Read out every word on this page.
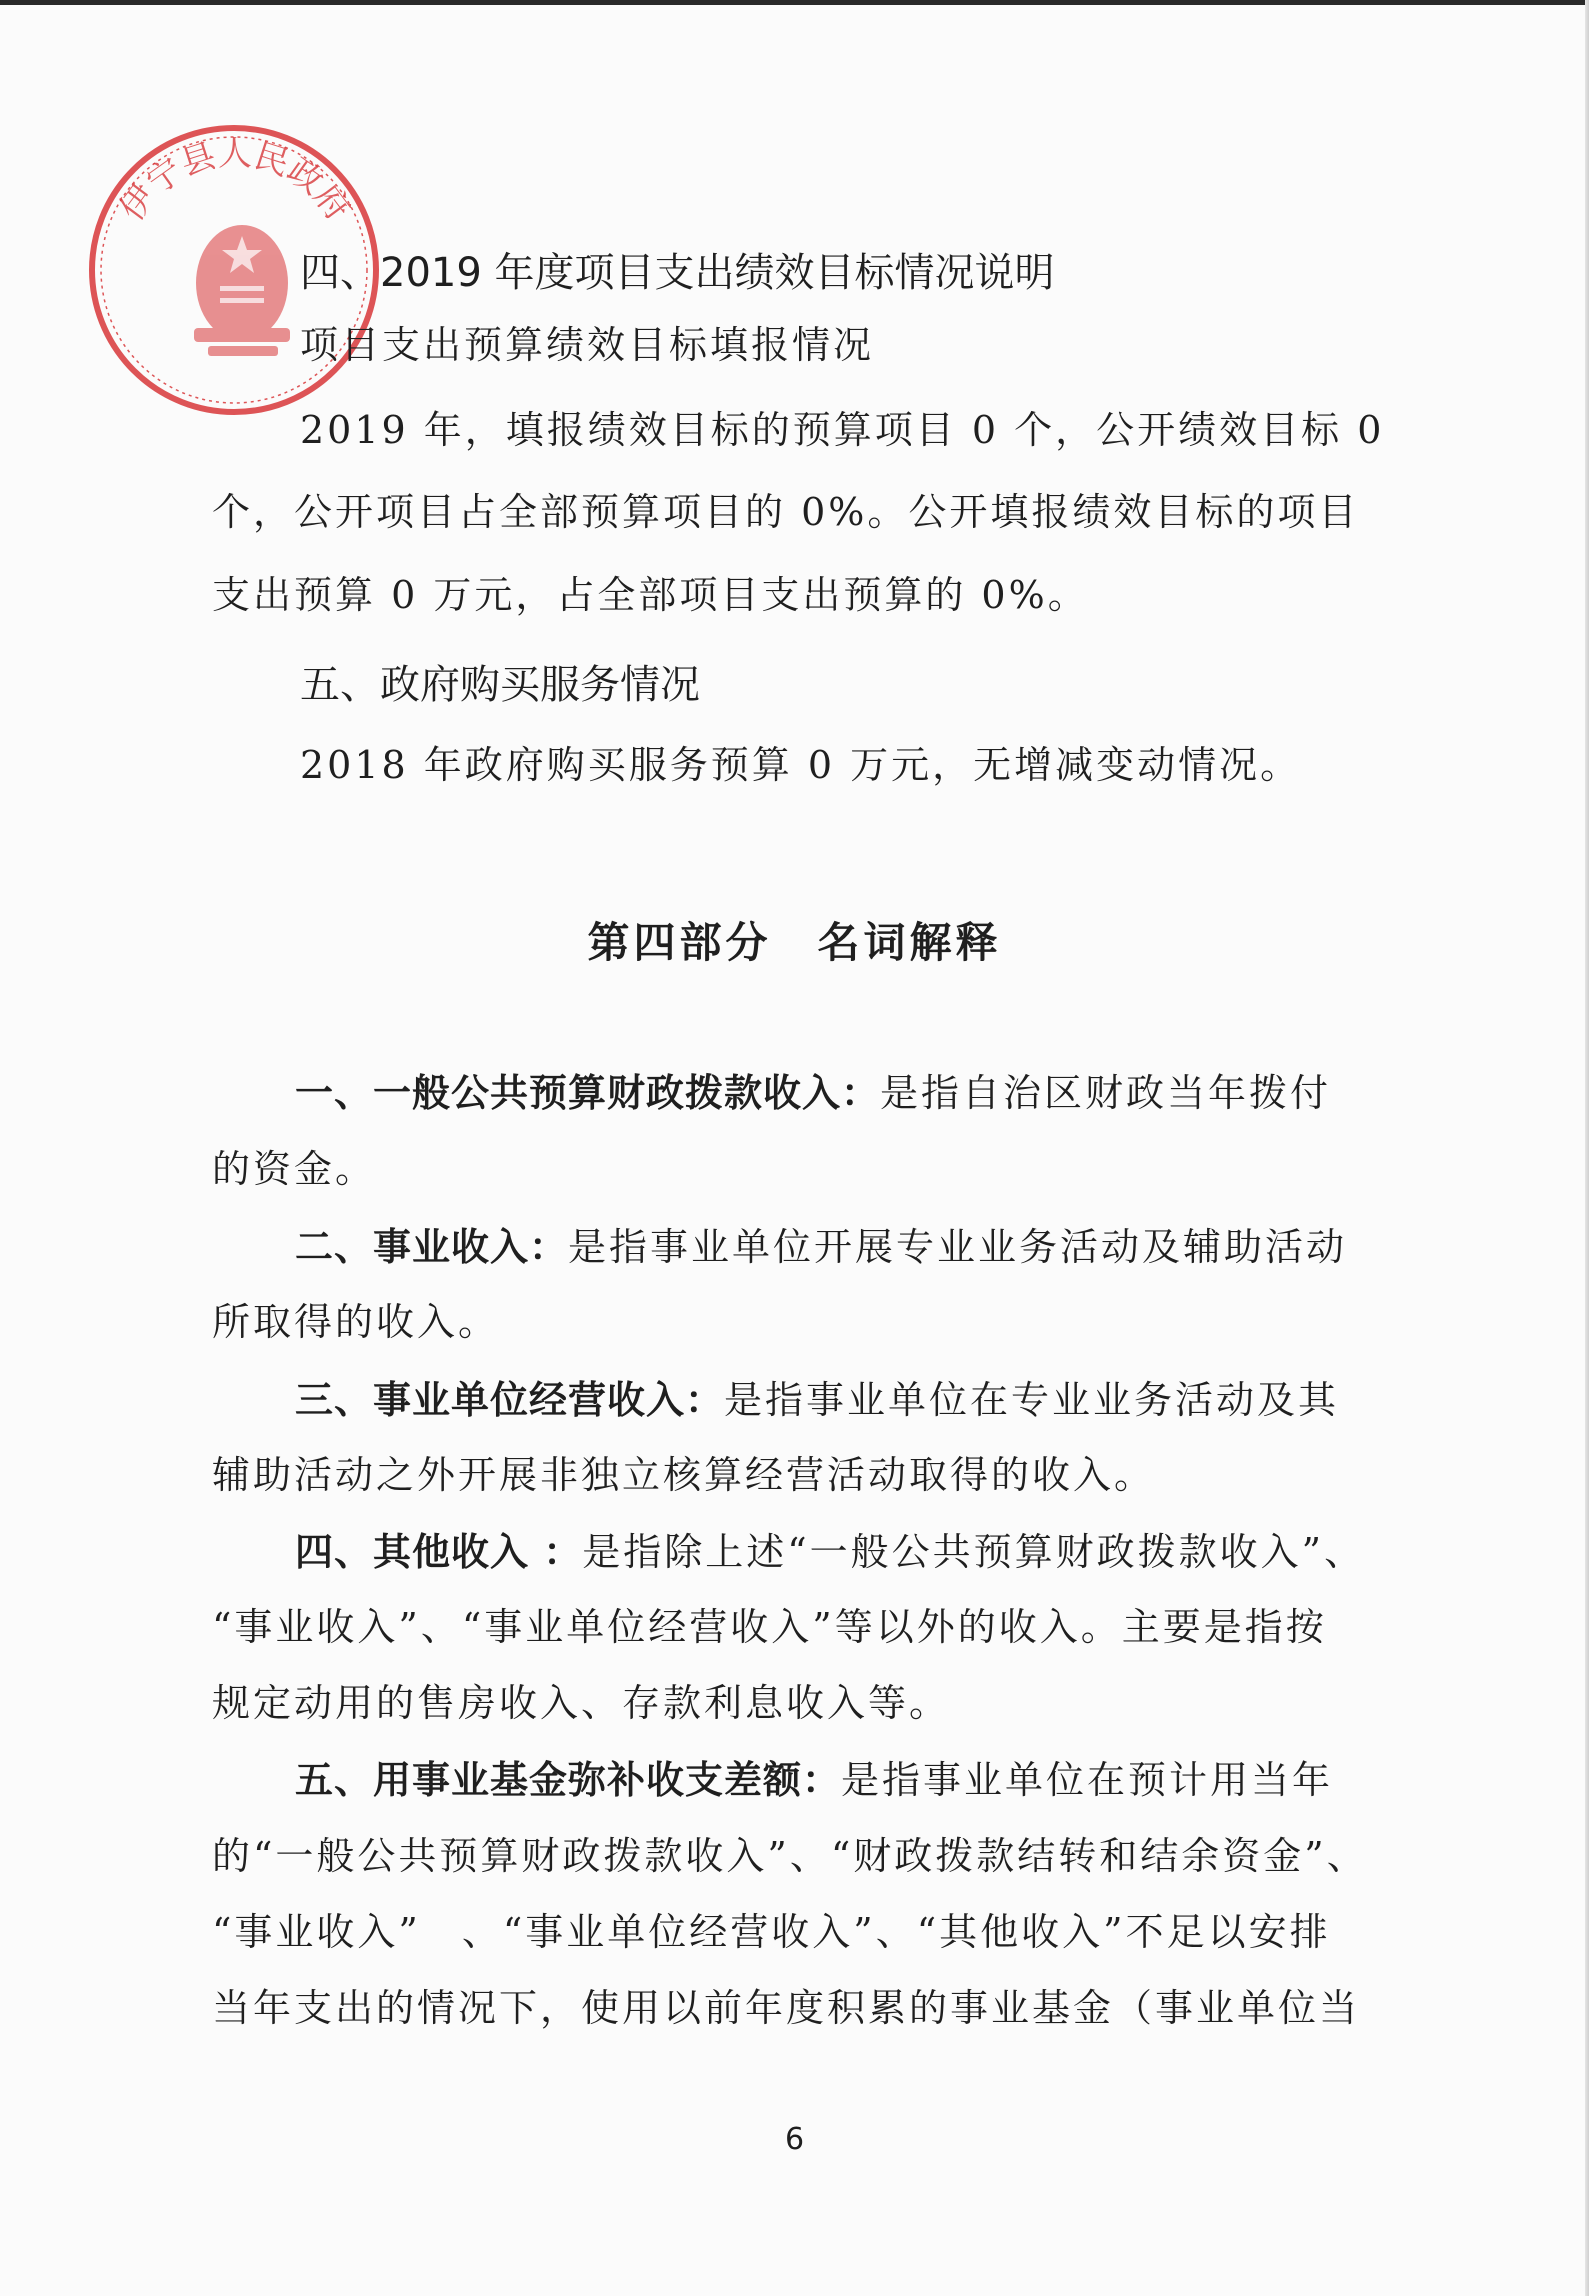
伊宁县人民政府
四、2019 年度项目支出绩效目标情况说明
项目支出预算绩效目标填报情况
2019 年，填报绩效目标的预算项目 0 个，公开绩效目标 0
个，公开项目占全部预算项目的 0%。公开填报绩效目标的项目
支出预算 0 万元，占全部项目支出预算的 0%。
五、政府购买服务情况
2018 年政府购买服务预算 0 万元，无增减变动情况。
第四部分　名词解释
一、一般公共预算财政拨款收入：是指自治区财政当年拨付
的资金。
二、事业收入：是指事业单位开展专业业务活动及辅助活动
所取得的收入。
三、事业单位经营收入：是指事业单位在专业业务活动及其
辅助活动之外开展非独立核算经营活动取得的收入。
四、其他收入 ：是指除上述“一般公共预算财政拨款收入”、
“事业收入”、“事业单位经营收入”等以外的收入。主要是指按
规定动用的售房收入、存款利息收入等。
五、用事业基金弥补收支差额：是指事业单位在预计用当年
的“一般公共预算财政拨款收入”、“财政拨款结转和结余资金”、
“事业收入”　、“事业单位经营收入”、“其他收入”不足以安排
当年支出的情况下，使用以前年度积累的事业基金（事业单位当
6
